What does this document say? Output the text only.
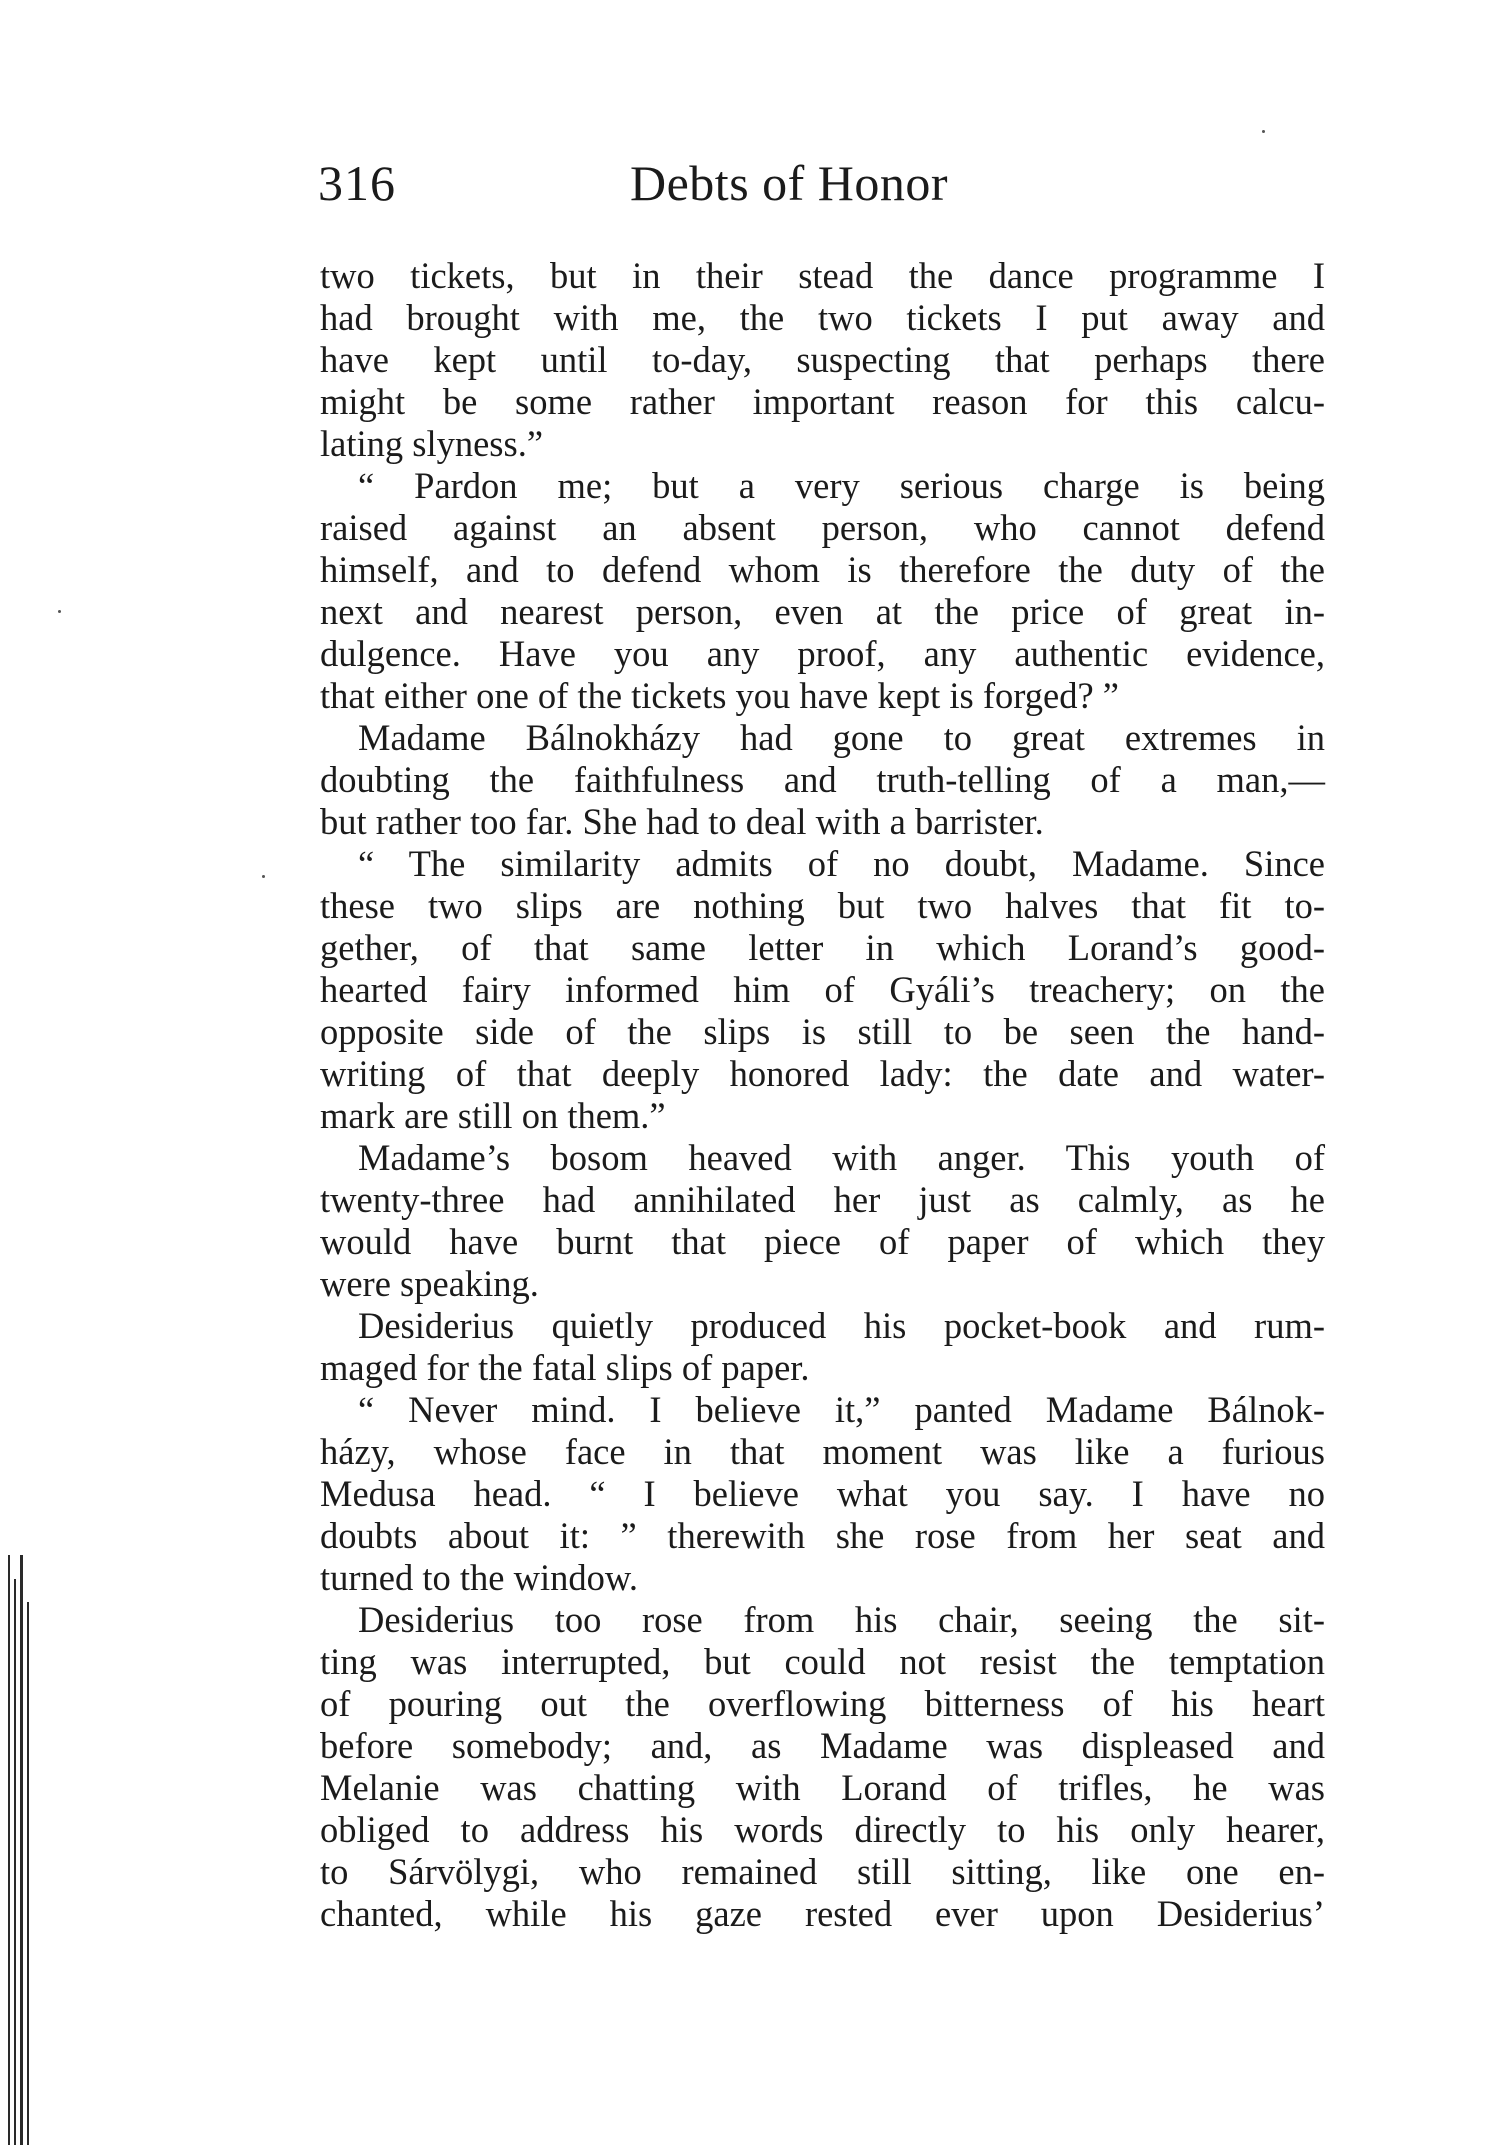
316	Debts of Honor
two tickets, but in their stead the dance programme I
had brought with me, the two tickets I put away and
have kept until to-day, suspecting that perhaps there
might be some rather important reason for this calcu-
lating slyness.”
“ Pardon me; but a very serious charge is being
raised against an absent person, who cannot defend
himself, and to defend whom is therefore the duty of the
next and nearest person, even at the price of great in-
dulgence. Have you any proof, any authentic evidence,
that either one of the tickets you have kept is forged? ”
Madame Bálnokházy had gone to great extremes in
doubting the faithfulness and truth-telling of a man,—
but rather too far. She had to deal with a barrister.
“ The similarity admits of no doubt, Madame. Since
these two slips are nothing but two halves that fit to-
gether, of that same letter in which Lorand’s good-
hearted fairy informed him of Gyáli’s treachery; on the
opposite side of the slips is still to be seen the hand-
writing of that deeply honored lady: the date and water-
mark are still on them.”
Madame’s bosom heaved with anger. This youth of
twenty-three had annihilated her just as calmly, as he
would have burnt that piece of paper of which they
were speaking.
Desiderius quietly produced his pocket-book and rum-
maged for the fatal slips of paper.
“ Never mind. I believe it,” panted Madame Bálnok-
házy, whose face in that moment was like a furious
Medusa head. “ I believe what you say. I have no
doubts about it: ” therewith she rose from her seat and
turned to the window.
Desiderius too rose from his chair, seeing the sit-
ting was interrupted, but could not resist the temptation
of pouring out the overflowing bitterness of his heart
before somebody; and, as Madame was displeased and
Melanie was chatting with Lorand of trifles, he was
obliged to address his words directly to his only hearer,
to Sárvölygi, who remained still sitting, like one en-
chanted, while his gaze rested ever upon Desiderius’
